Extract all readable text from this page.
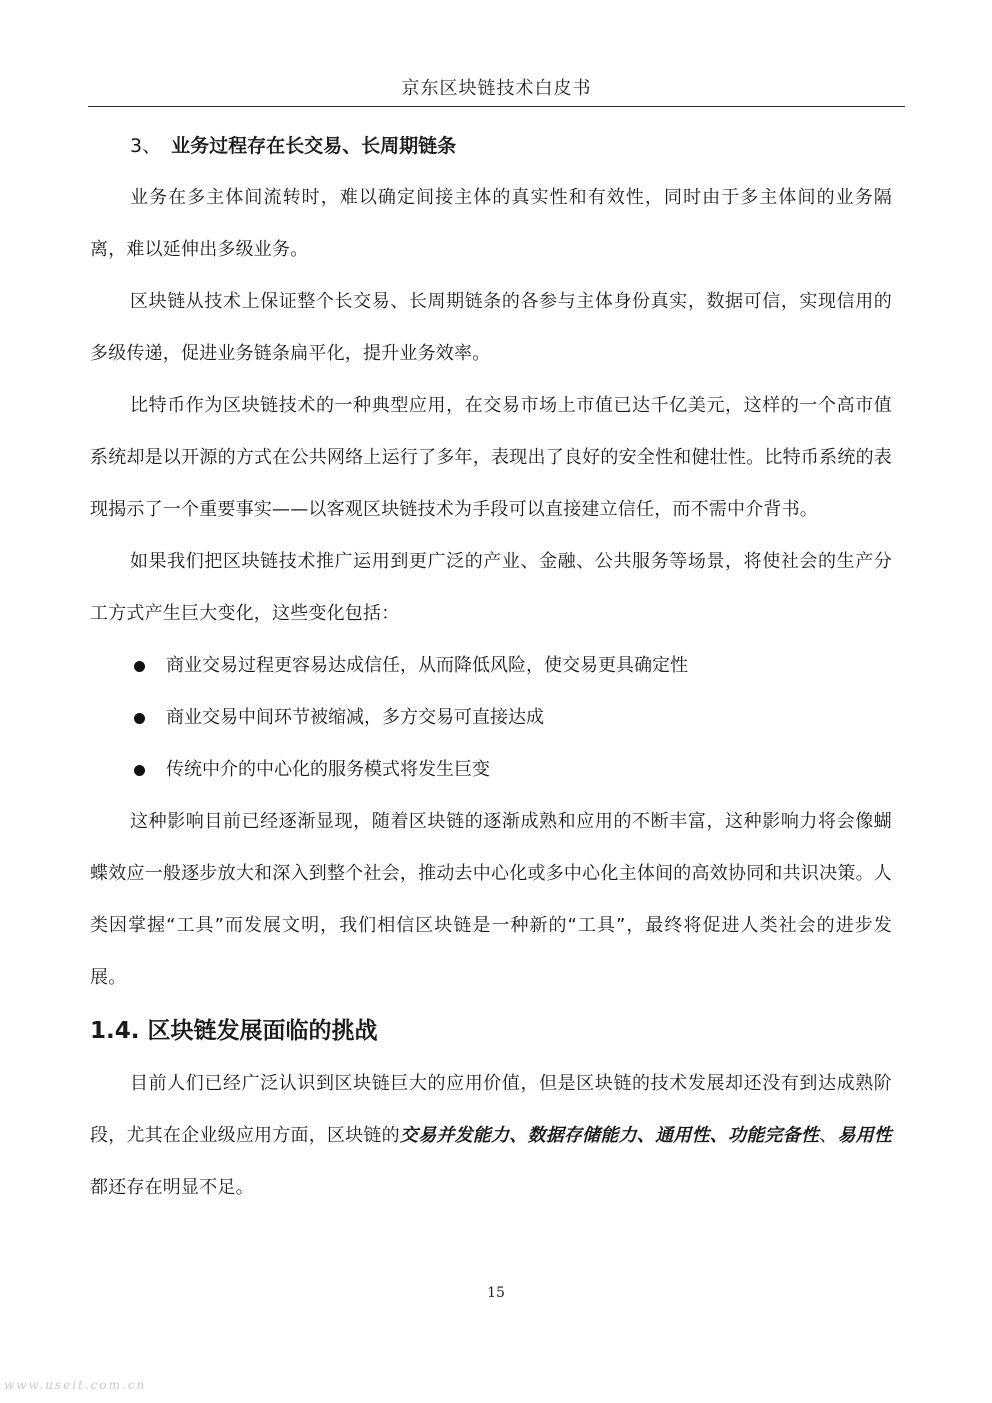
京东区块链技术白皮书
3、 业务过程存在长交易、长周期链条

业务在多主体间流转时，难以确定间接主体的真实性和有效性，同时由于多主体间的业务隔离，难以延伸出多级业务。

区块链从技术上保证整个长交易、长周期链条的各参与主体身份真实，数据可信，实现信用的多级传递，促进业务链条扁平化，提升业务效率。

比特币作为区块链技术的一种典型应用，在交易市场上市值已达千亿美元，这样的一个高市值系统却是以开源的方式在公共网络上运行了多年，表现出了良好的安全性和健壮性。比特币系统的表现揭示了一个重要事实——以客观区块链技术为手段可以直接建立信任，而不需中介背书。

如果我们把区块链技术推广运用到更广泛的产业、金融、公共服务等场景，将使社会的生产分工方式产生巨大变化，这些变化包括：

商业交易过程更容易达成信任，从而降低风险，使交易更具确定性
商业交易中间环节被缩减，多方交易可直接达成
传统中介的中心化的服务模式将发生巨变

这种影响目前已经逐渐显现，随着区块链的逐渐成熟和应用的不断丰富，这种影响力将会像蝴蝶效应一般逐步放大和深入到整个社会，推动去中心化或多中心化主体间的高效协同和共识决策。人类因掌握“工具”而发展文明，我们相信区块链是一种新的“工具”，最终将促进人类社会的进步发展。

1.4. 区块链发展面临的挑战

目前人们已经广泛认识到区块链巨大的应用价值，但是区块链的技术发展却还没有到达成熟阶段，尤其在企业级应用方面，区块链的交易并发能力、数据存储能力、通用性、功能完备性、易用性都还存在明显不足。

15
www.useit.com.cn
